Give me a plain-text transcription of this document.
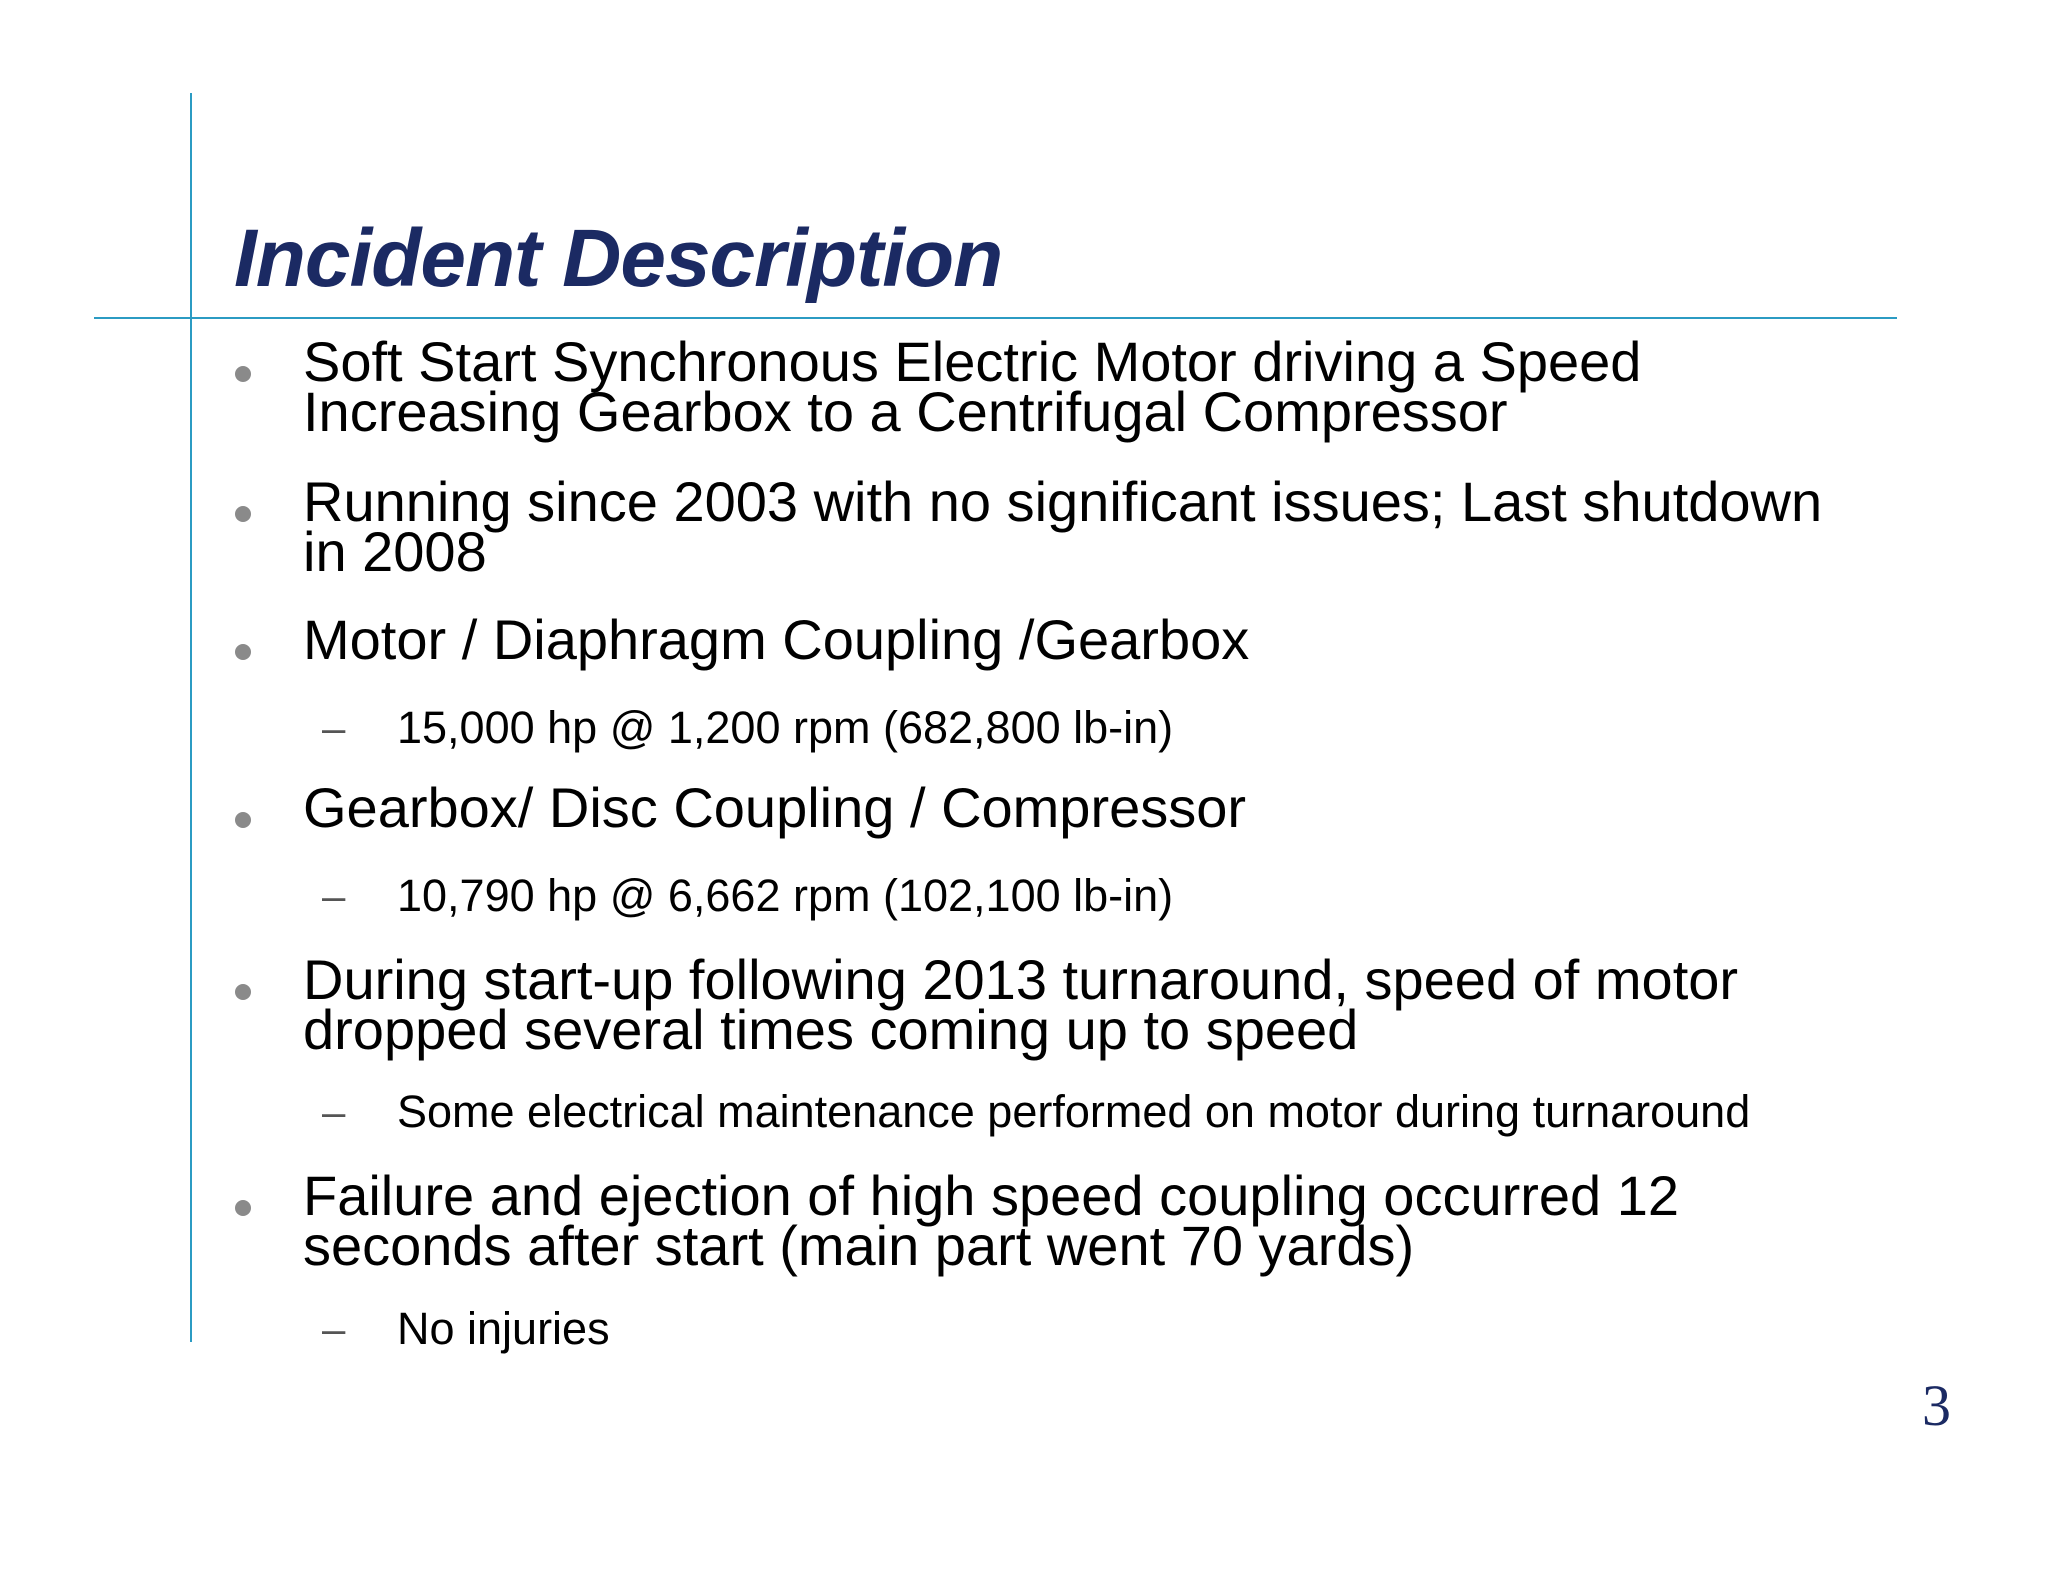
Incident Description
Soft Start Synchronous Electric Motor driving a Speed
Increasing Gearbox to a Centrifugal Compressor
Running since 2003 with no significant issues; Last shutdown
in 2008
Motor / Diaphragm Coupling /Gearbox
– 15,000 hp @ 1,200 rpm (682,800 lb-in)
Gearbox/ Disc Coupling / Compressor
– 10,790 hp @ 6,662 rpm (102,100 lb-in)
During start-up following 2013 turnaround, speed of motor
dropped several times coming up to speed
– Some electrical maintenance performed on motor during turnaround
Failure and ejection of high speed coupling occurred 12
seconds after start (main part went 70 yards)
– No injuries
3
